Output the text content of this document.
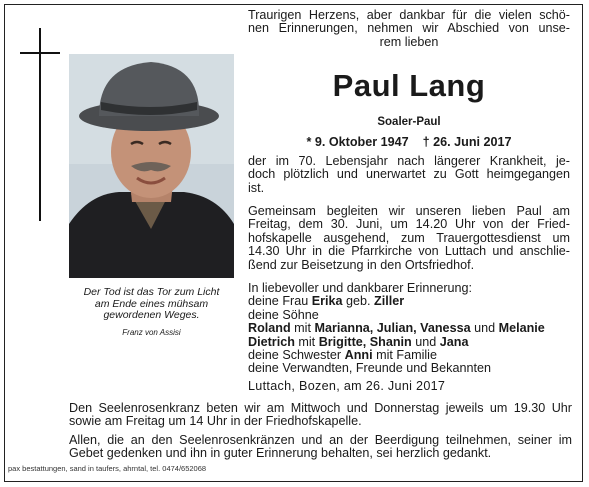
Der Tod ist das Tor zum Licht
am Ende eines mühsam
gewordenen Weges.
Franz von Assisi
Traurigen Herzens, aber dankbar für die vielen schö-
nen Erinnerungen, nehmen wir Abschied von unse-
rem lieben
Paul Lang
Soaler-Paul
* 9. Oktober 1947 † 26. Juni 2017
der im 70. Lebensjahr nach längerer Krankheit, je-
doch plötzlich und unerwartet zu Gott heimgegangen
ist.
Gemeinsam begleiten wir unseren lieben Paul am
Freitag, dem 30. Juni, um 14.20 Uhr von der Fried-
hofskapelle ausgehend, zum Trauergottesdienst um
14.30 Uhr in die Pfarrkirche von Luttach und anschlie-
ßend zur Beisetzung in den Ortsfriedhof.
In liebevoller und dankbarer Erinnerung:
deine Frau Erika geb. Ziller
deine Söhne
Roland mit Marianna, Julian, Vanessa und Melanie
Dietrich mit Brigitte, Shanin und Jana
deine Schwester Anni mit Familie
deine Verwandten, Freunde und Bekannten
Luttach, Bozen, am 26. Juni 2017
Den Seelenrosenkranz beten wir am Mittwoch und Donnerstag jeweils um 19.30 Uhr
sowie am Freitag um 14 Uhr in der Friedhofskapelle.
Allen, die an den Seelenrosenkränzen und an der Beerdigung teilnehmen, seiner im
Gebet gedenken und ihn in guter Erinnerung behalten, sei herzlich gedankt.
pax bestattungen, sand in taufers, ahrntal, tel. 0474/652068
